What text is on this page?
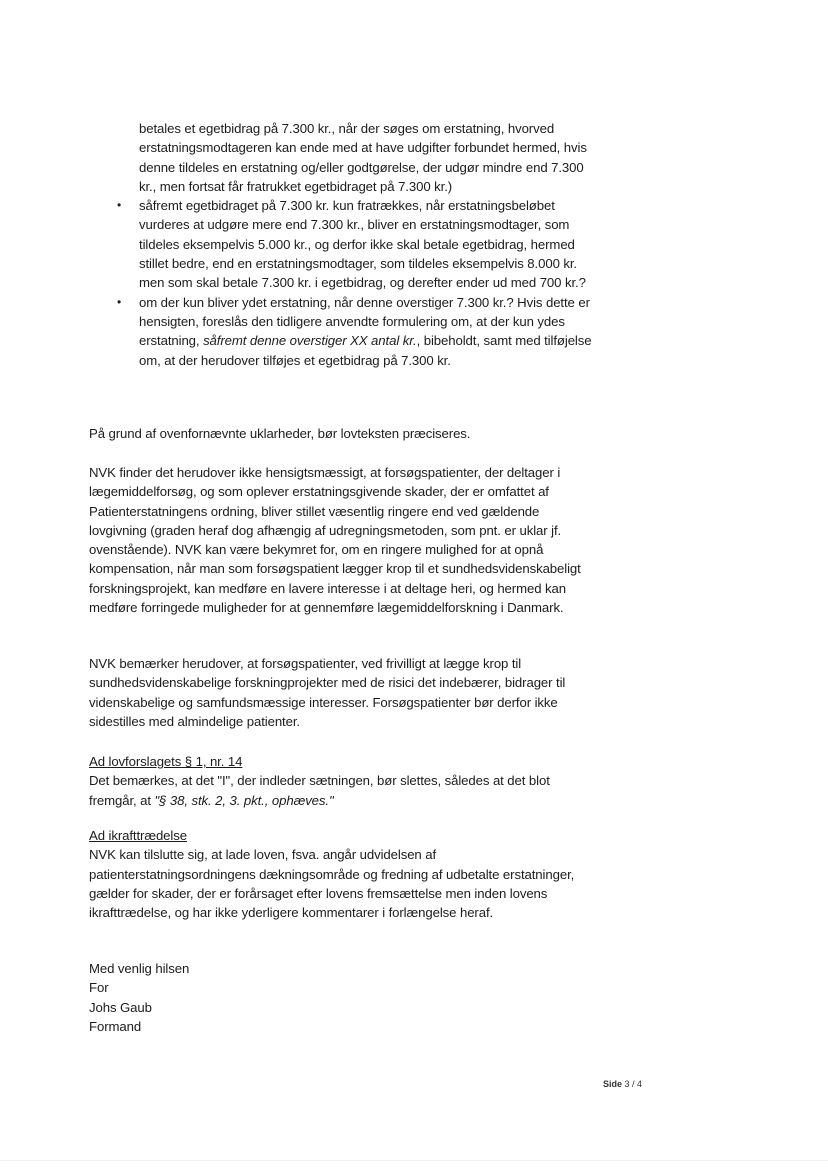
betales et egetbidrag på 7.300 kr., når der søges om erstatning, hvorved erstatningsmodtageren kan ende med at have udgifter forbundet hermed, hvis denne tildeles en erstatning og/eller godtgørelse, der udgør mindre end 7.300 kr., men fortsat får fratrukket egetbidraget på 7.300 kr.)

• såfremt egetbidraget på 7.300 kr. kun fratrækkes, når erstatningsbeløbet vurderes at udgøre mere end 7.300 kr., bliver en erstatningsmodtager, som tildeles eksempelvis 5.000 kr., og derfor ikke skal betale egetbidrag, hermed stillet bedre, end en erstatningsmodtager, som tildeles eksempelvis 8.000 kr. men som skal betale 7.300 kr. i egetbidrag, og derefter ender ud med 700 kr.?
• om der kun bliver ydet erstatning, når denne overstiger 7.300 kr.? Hvis dette er hensigten, foreslås den tidligere anvendte formulering om, at der kun ydes erstatning, såfremt denne overstiger XX antal kr., bibeholdt, samt med tilføjelse om, at der herudover tilføjes et egetbidrag på 7.300 kr.

På grund af ovenfornævnte uklarheder, bør lovteksten præciseres.

NVK finder det herudover ikke hensigtsmæssigt, at forsøgspatienter, der deltager i lægemiddelforsøg, og som oplever erstatningsgivende skader, der er omfattet af Patienterstatningens ordning, bliver stillet væsentlig ringere end ved gældende lovgivning (graden heraf dog afhængig af udregningsmetoden, som pnt. er uklar jf. ovenstående). NVK kan være bekymret for, om en ringere mulighed for at opnå kompensation, når man som forsøgspatient lægger krop til et sundhedsvidenskabeligt forskningsprojekt, kan medføre en lavere interesse i at deltage heri, og hermed kan medføre forringede muligheder for at gennemføre lægemiddelforskning i Danmark.

NVK bemærker herudover, at forsøgspatienter, ved frivilligt at lægge krop til sundhedsvidenskabelige forskningprojekter med de risici det indebærer, bidrager til videnskabelige og samfundsmæssige interesser. Forsøgspatienter bør derfor ikke sidestilles med almindelige patienter.

Ad lovforslagets § 1, nr. 14

Det bemærkes, at det "I", der indleder sætningen, bør slettes, således at det blot fremgår, at "§ 38, stk. 2, 3. pkt., ophæves."

Ad ikrafttrædelse

NVK kan tilslutte sig, at lade loven, fsva. angår udvidelsen af patienterstatningsordningens dækningsområde og fredning af udbetalte erstatninger, gælder for skader, der er forårsaget efter lovens fremsættelse men inden lovens ikrafttrædelse, og har ikke yderligere kommentarer i forlængelse heraf.

Med venlig hilsen

For

Johs Gaub

Formand

Side 3 / 4
